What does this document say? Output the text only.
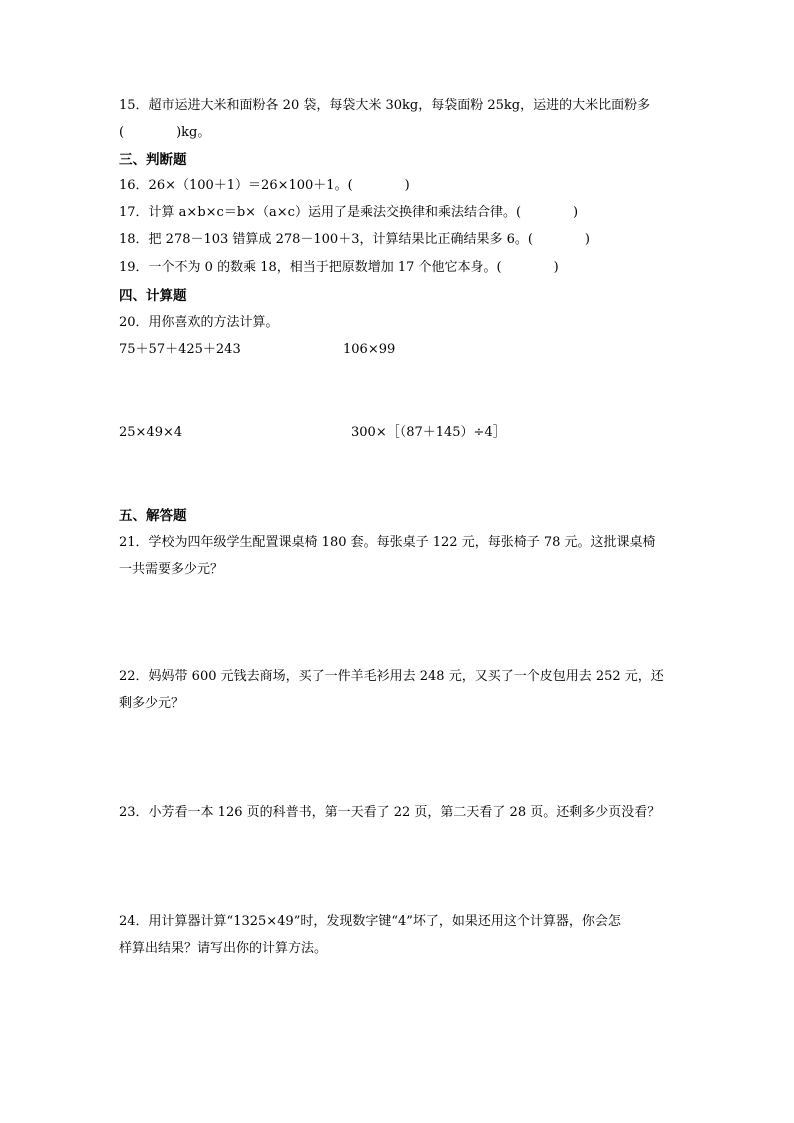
15．超市运进大米和面粉各 20 袋，每袋大米 30kg，每袋面粉 25kg，运进的大米比面粉多
(　　　　)kg。
三、判断题
16．26×（100＋1）＝26×100＋1。(　　　　)
17．计算 a×b×c＝b×（a×c）运用了是乘法交换律和乘法结合律。(　　　　)
18．把 278－103 错算成 278－100＋3，计算结果比正确结果多 6。(　　　　)
19．一个不为 0 的数乘 18，相当于把原数增加 17 个他它本身。(　　　　)
四、计算题
20．用你喜欢的方法计算。
75＋57＋425＋243	106×99
25×49×4	300×［（87＋145）÷4］
五、解答题
21．学校为四年级学生配置课桌椅 180 套。每张桌子 122 元，每张椅子 78 元。这批课桌椅
一共需要多少元？
22．妈妈带 600 元钱去商场，买了一件羊毛衫用去 248 元，又买了一个皮包用去 252 元，还
剩多少元？
23．小芳看一本 126 页的科普书，第一天看了 22 页，第二天看了 28 页。还剩多少页没看？
24．用计算器计算“1325×49”时，发现数字键“4”坏了，如果还用这个计算器，你会怎
样算出结果？请写出你的计算方法。
